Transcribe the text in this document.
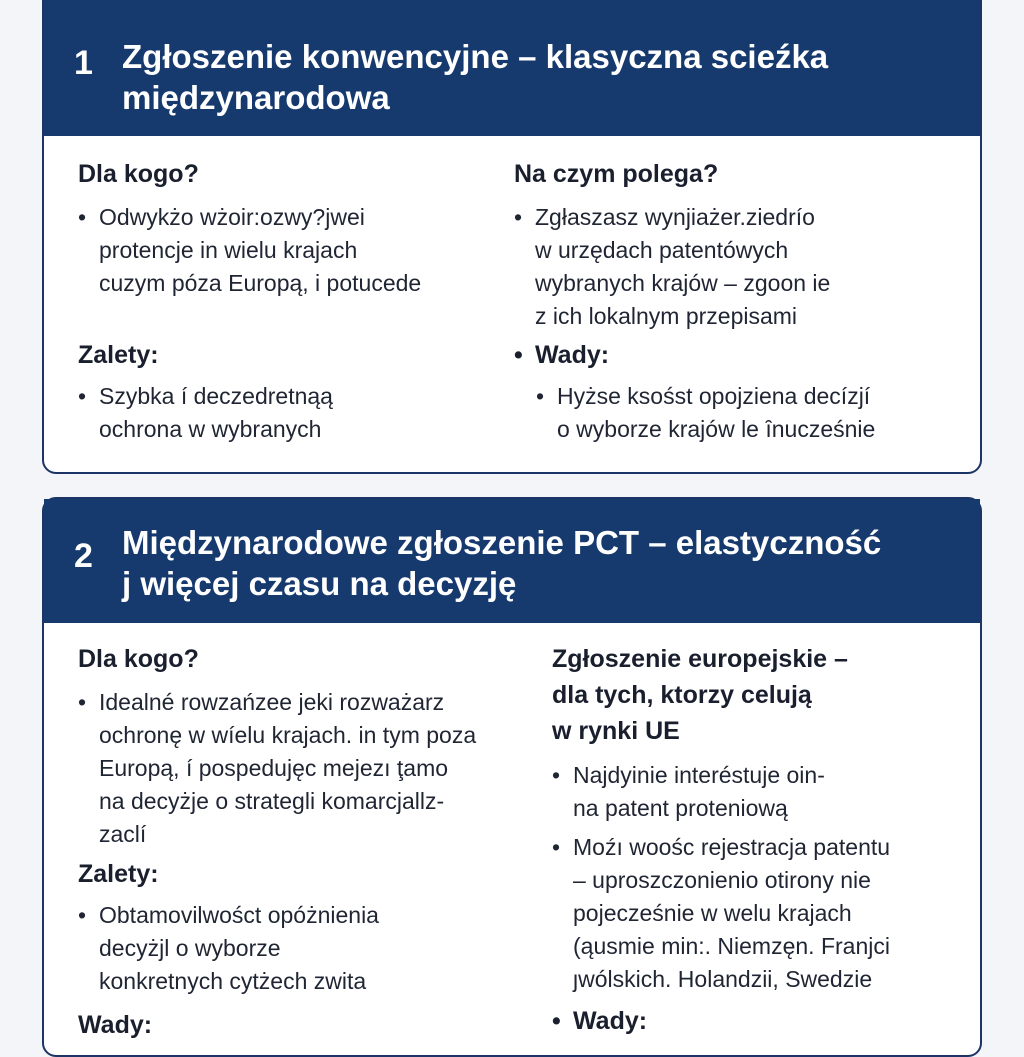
1 Zgłoszenie konwencyjne – klasyczna scieźka
międzynarodowa
Dla kogo?
• Odwykżo wżoir:ozwy?jwei
protencje in wielu krajach
cuzym póza Europą, i potucede
Na czym polega?
• Zgłaszasz wynjiażer.ziedrío
w urzędach patentówych
wybranych krajów – zgoon ie
z ich lokalnym przepisami
Zalety:
• Szybka í deczedretnąą
ochrona w wybranych
• Wady:
• Hyżse ksośst opojziena decízjí
o wyborze krajów le ȋnucześnie
2 Międzynarodowe zgłoszenie PCT – elastyczność
j więcej czasu na decyzję
Dla kogo?
• Idealné rowzańzee jeki rozważarz
ochronę w wíelu krajach. in tym poza
Europą, í pospedujęc mejezı ţamo
na decyżje o strategli komarcjallz-
zaclí
Zalety:
• Obtamovilwośct opóżnienia
decyżjl o wyborze
konkretnych cytżech zwita
Wady:
Zgłoszenie europejskie –
dla tych, ktorzy celują
w rynki UE
• Najdyinie interéstuje oin-
na patent proteniową
• Moźı woośc rejestracja patentu
– uproszczonienio otirony nie
pojecześnie w welu krajach
(ąusmie min:. Niemzęn. Franjci
ȷwólskich. Holandzii, Swedzie
• Wady:
